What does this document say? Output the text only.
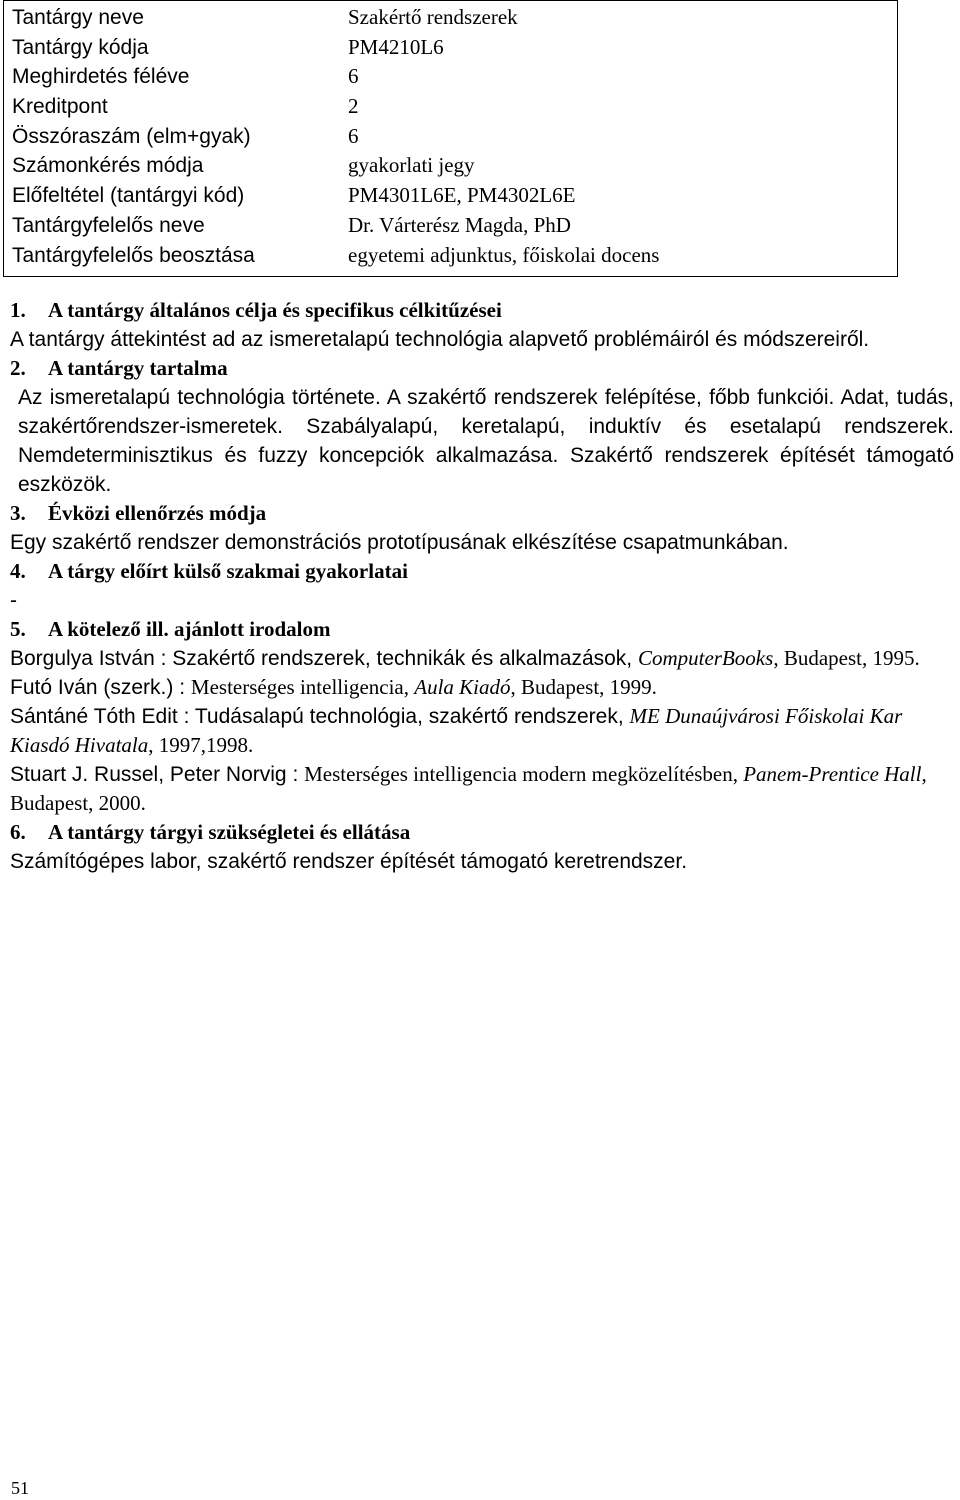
Tantárgy neve	Szakértő rendszerek
Tantárgy kódja	PM4210L6
Meghirdetés féléve	6
Kreditpont	2
Összóraszám (elm+gyak)	6
Számonkérés módja	gyakorlati jegy
Előfeltétel (tantárgyi kód)	PM4301L6E, PM4302L6E
Tantárgyfelelős neve	Dr. Várterész Magda, PhD
Tantárgyfelelős beosztása	egyetemi adjunktus, főiskolai docens
1. A tantárgy általános célja és specifikus célkitűzései
A tantárgy áttekintést ad az ismeretalapú technológia alapvető problémáiról és módszereiről.
2. A tantárgy tartalma
Az ismeretalapú technológia története. A szakértő rendszerek felépítése, főbb funkciói. Adat, tudás, szakértőrendszer-ismeretek. Szabályalapú, keretalapú, induktív és esetalapú rendszerek. Nemdeterminisztikus és fuzzy koncepciók alkalmazása. Szakértő rendszerek építését támogató eszközök.
3. Évközi ellenőrzés módja
Egy szakértő rendszer demonstrációs prototípusának elkészítése csapatmunkában.
4. A tárgy előírt külső szakmai gyakorlatai
-
5. A kötelező ill. ajánlott irodalom
Borgulya István : Szakértő rendszerek, technikák és alkalmazások, ComputerBooks, Budapest, 1995.
Futó Iván (szerk.) : Mesterséges intelligencia, Aula Kiadó, Budapest, 1999.
Sántáné Tóth Edit : Tudásalapú technológia, szakértő rendszerek, ME Dunaújvárosi Főiskolai Kar Kiasdó Hivatala, 1997,1998.
Stuart J. Russel, Peter Norvig : Mesterséges intelligencia modern megközelítésben, Panem-Prentice Hall, Budapest, 2000.
6. A tantárgy tárgyi szükségletei és ellátása
Számítógépes labor, szakértő rendszer építését támogató keretrendszer.
51
